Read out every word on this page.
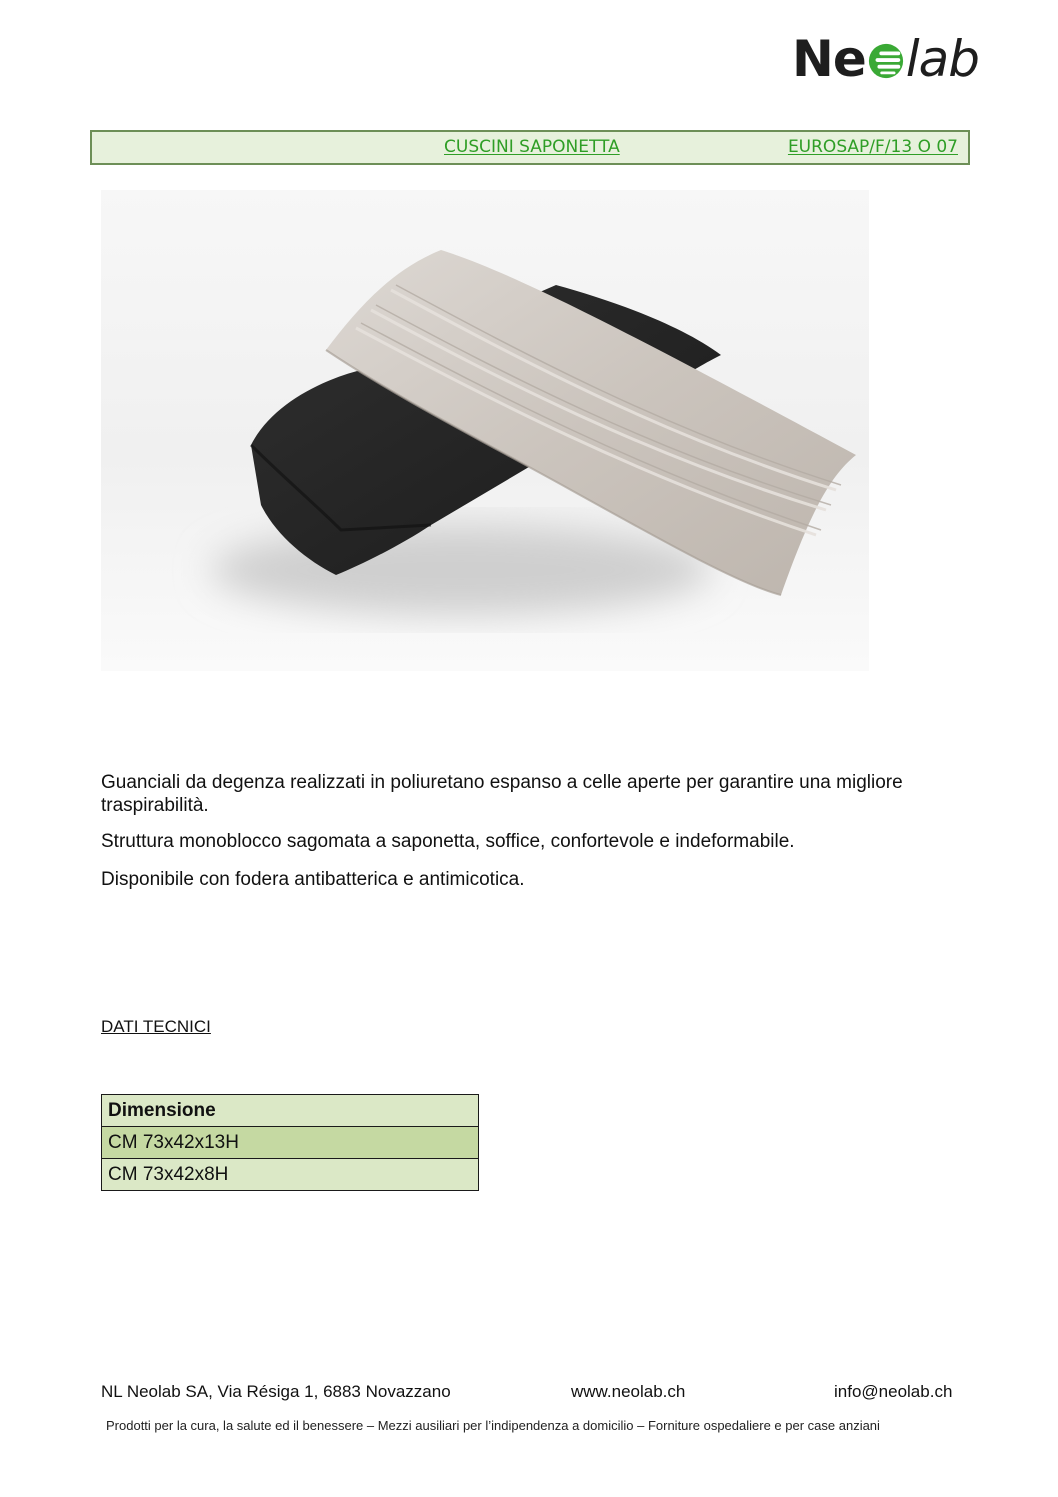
Ne lab
CUSCINI SAPONETTA	EUROSAP/F/13 O 07
Guanciali da degenza realizzati in poliuretano espanso a celle aperte per garantire una migliore traspirabilità.
Struttura monoblocco sagomata a saponetta, soffice, confortevole e indeformabile.
Disponibile con fodera antibatterica e antimicotica.
DATI TECNICI
Dimensione
CM 73x42x13H
CM 73x42x8H
NL Neolab SA, Via Résiga 1, 6883 Novazzano	www.neolab.ch	info@neolab.ch
Prodotti per la cura, la salute ed il benessere – Mezzi ausiliari per l’indipendenza a domicilio – Forniture ospedaliere e per case anziani
